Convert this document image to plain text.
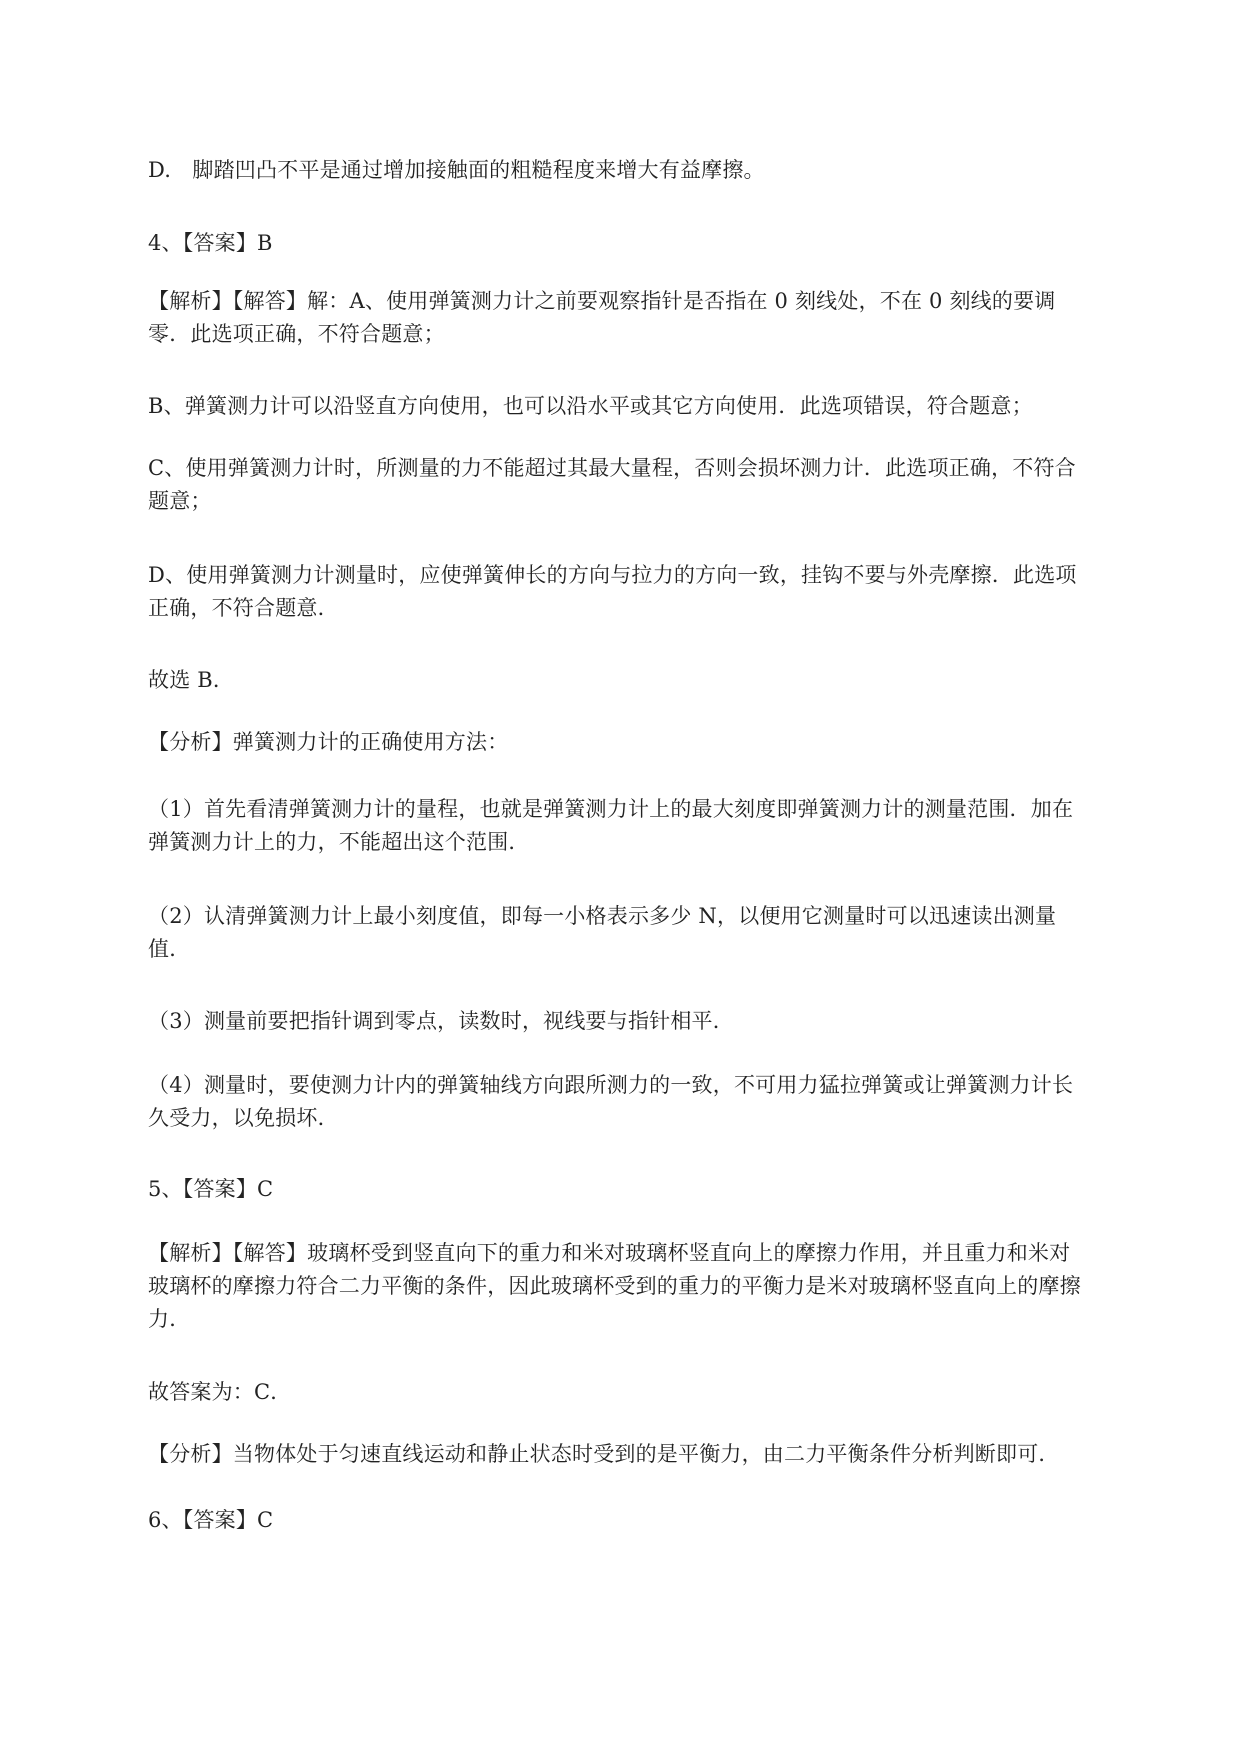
D.　脚踏凹凸不平是通过增加接触面的粗糙程度来增大有益摩擦。
4、【答案】B
【解析】【解答】解：A、使用弹簧测力计之前要观察指针是否指在 0 刻线处，不在 0 刻线的要调
零．此选项正确，不符合题意；
B、弹簧测力计可以沿竖直方向使用，也可以沿水平或其它方向使用．此选项错误，符合题意；
C、使用弹簧测力计时，所测量的力不能超过其最大量程，否则会损坏测力计．此选项正确，不符合
题意；
D、使用弹簧测力计测量时，应使弹簧伸长的方向与拉力的方向一致，挂钩不要与外壳摩擦．此选项
正确，不符合题意．
故选 B．
【分析】弹簧测力计的正确使用方法：
（1）首先看清弹簧测力计的量程，也就是弹簧测力计上的最大刻度即弹簧测力计的测量范围．加在
弹簧测力计上的力，不能超出这个范围．
（2）认清弹簧测力计上最小刻度值，即每一小格表示多少 N，以便用它测量时可以迅速读出测量
值．
（3）测量前要把指针调到零点，读数时，视线要与指针相平．
（4）测量时，要使测力计内的弹簧轴线方向跟所测力的一致，不可用力猛拉弹簧或让弹簧测力计长
久受力，以免损坏．
5、【答案】C
【解析】【解答】玻璃杯受到竖直向下的重力和米对玻璃杯竖直向上的摩擦力作用，并且重力和米对
玻璃杯的摩擦力符合二力平衡的条件，因此玻璃杯受到的重力的平衡力是米对玻璃杯竖直向上的摩擦
力．
故答案为：C．
【分析】当物体处于匀速直线运动和静止状态时受到的是平衡力，由二力平衡条件分析判断即可．
6、【答案】C
